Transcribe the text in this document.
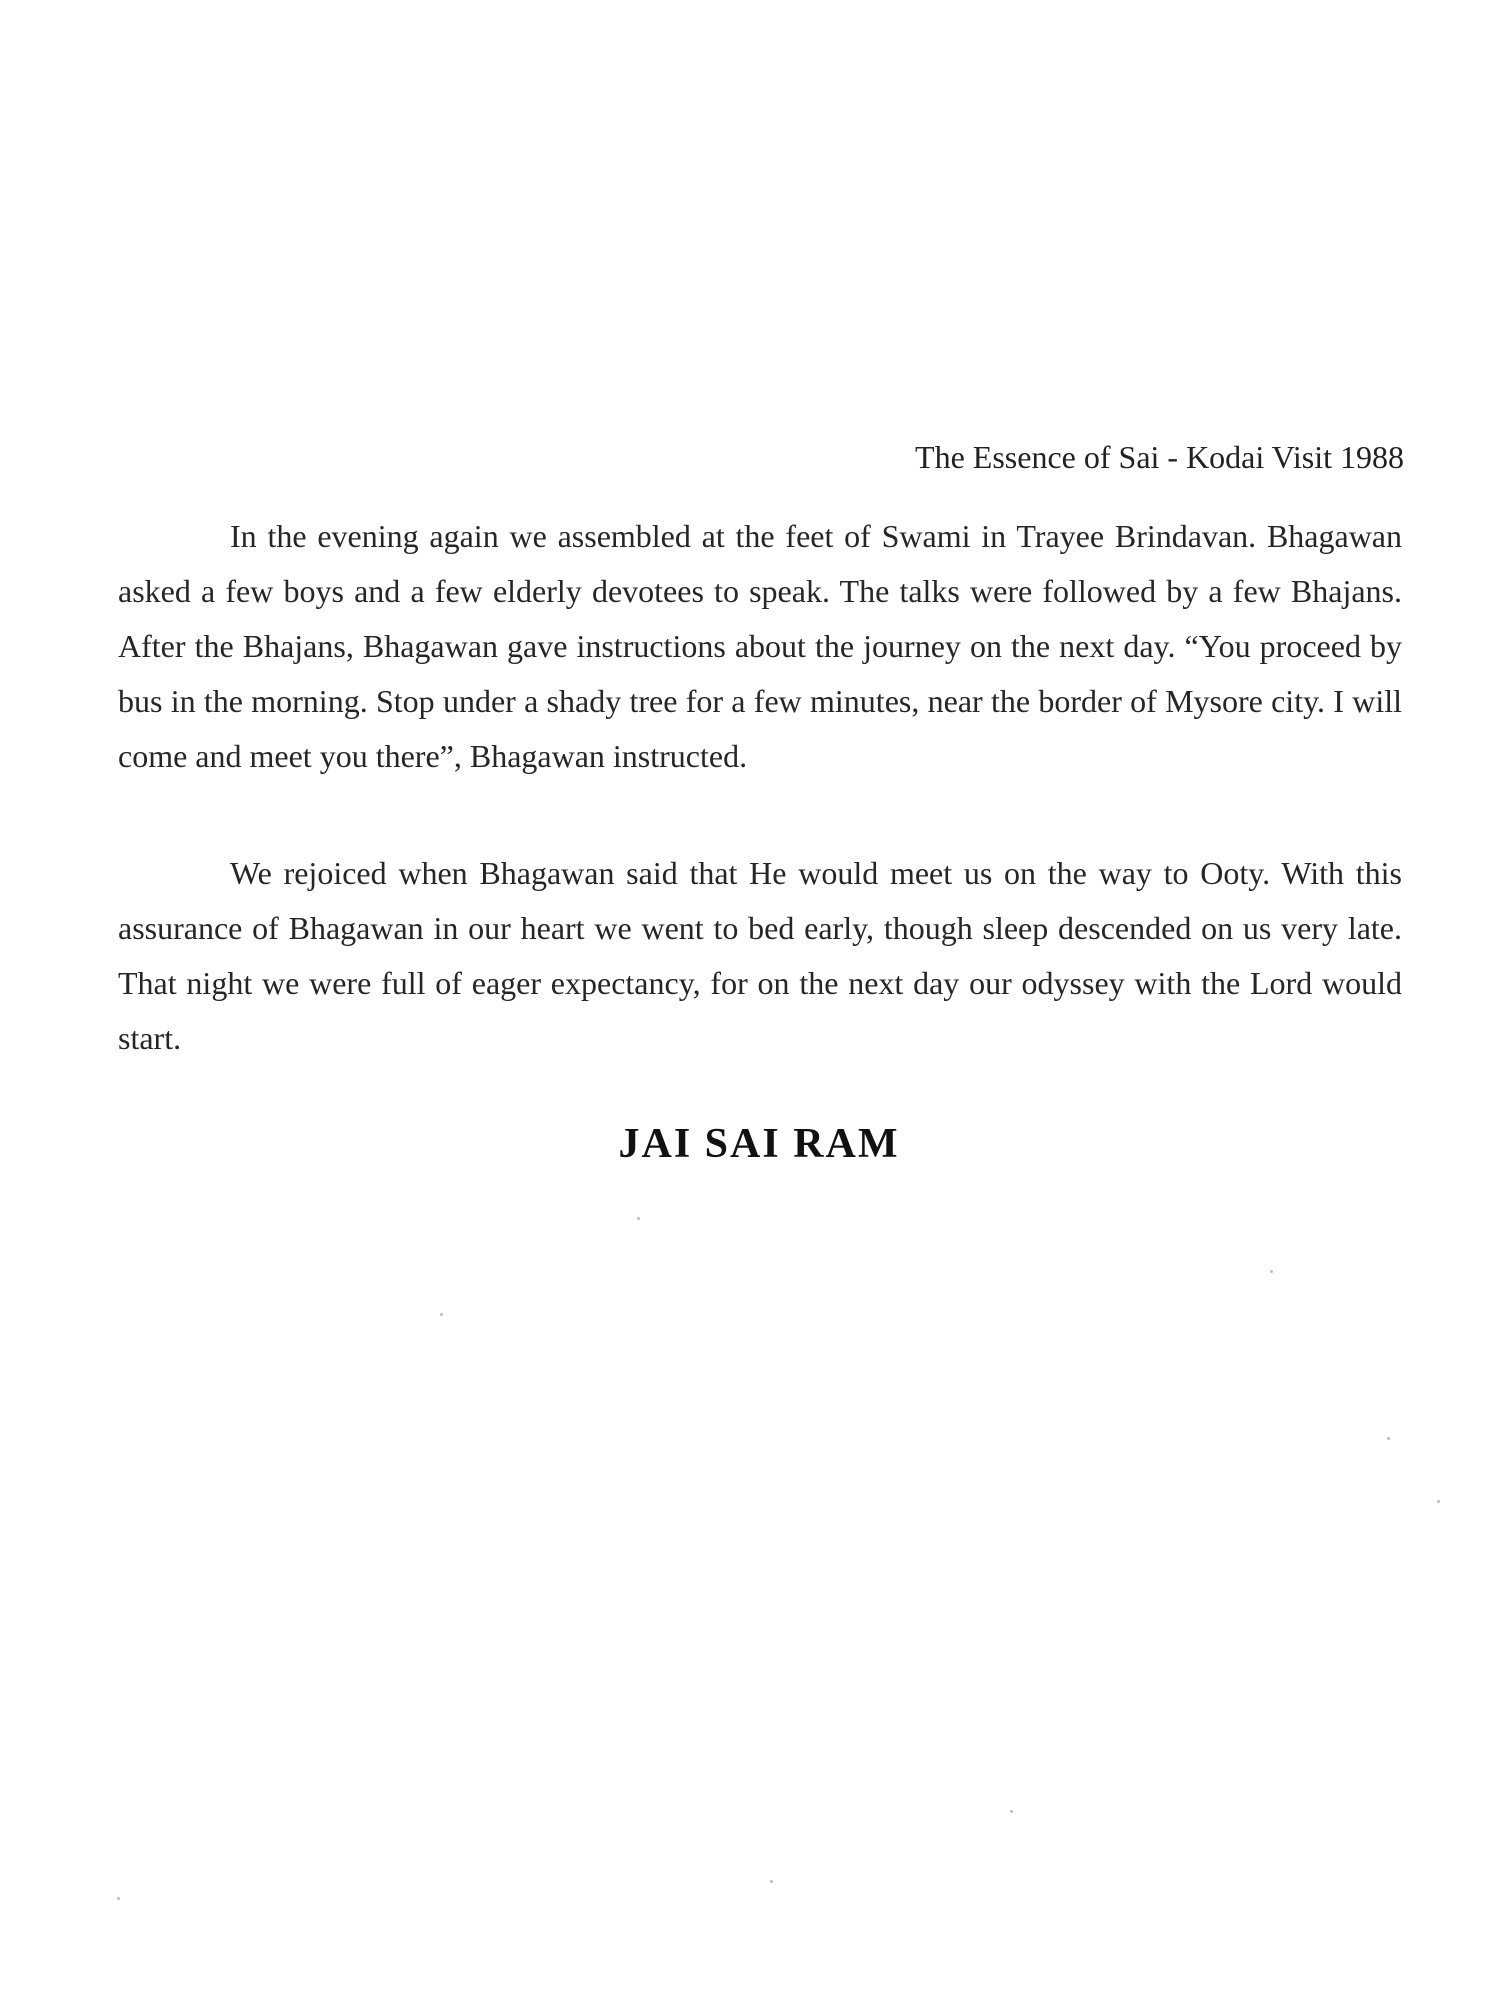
The Essence of Sai - Kodai Visit 1988

In the evening again we assembled at the feet of Swami in Trayee Brindavan. Bhagawan asked a few boys and a few elderly devotees to speak. The talks were followed by a few Bhajans. After the Bhajans, Bhagawan gave instructions about the journey on the next day. “You proceed by bus in the morning. Stop under a shady tree for a few minutes, near the border of Mysore city. I will come and meet you there”, Bhagawan instructed.

We rejoiced when Bhagawan said that He would meet us on the way to Ooty. With this assurance of Bhagawan in our heart we went to bed early, though sleep descended on us very late. That night we were full of eager expectancy, for on the next day our odyssey with the Lord would start.

JAI SAI RAM
